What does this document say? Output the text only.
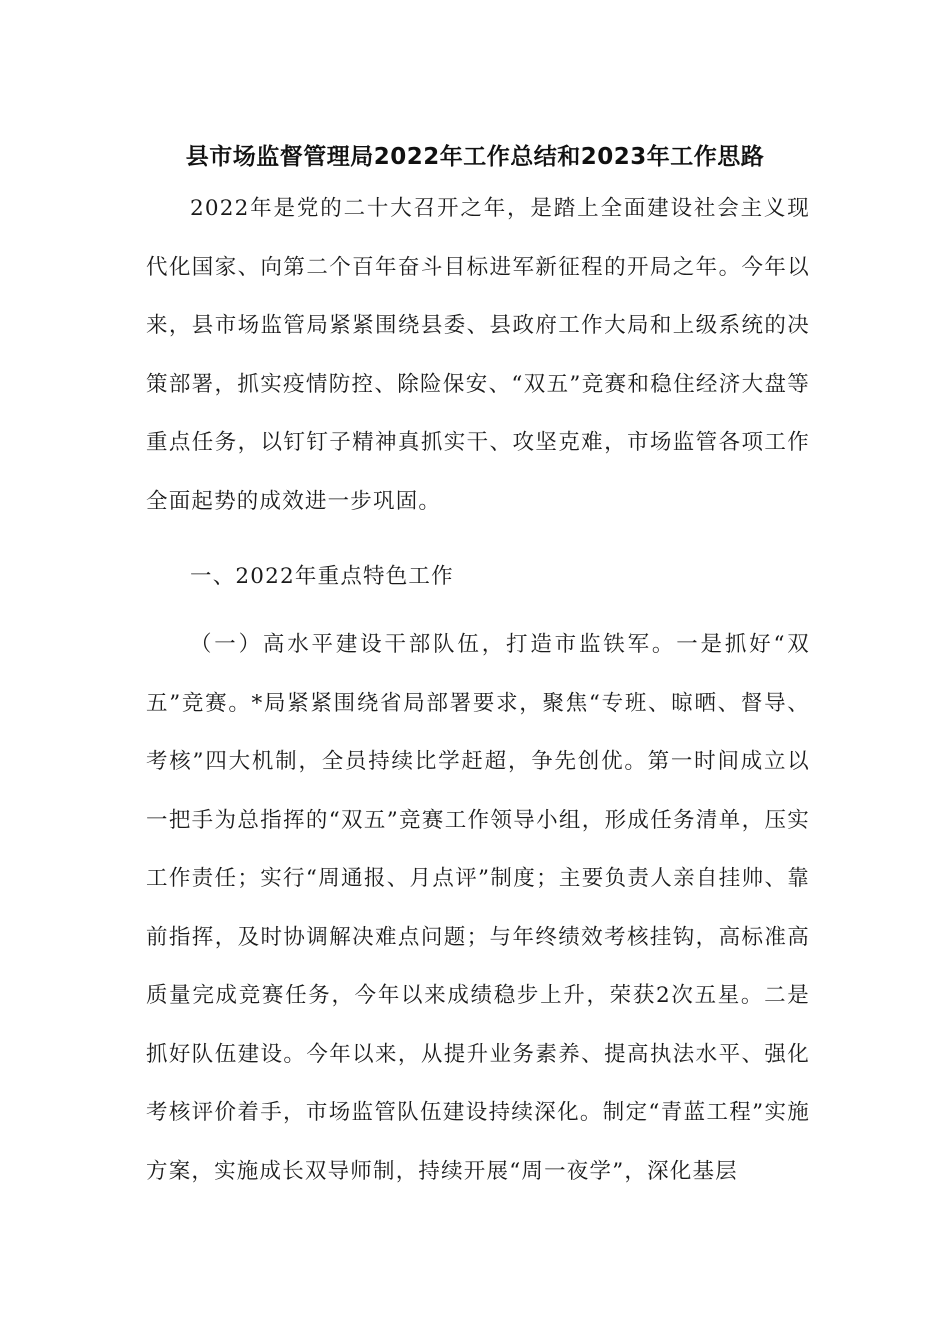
县市场监督管理局2022年工作总结和2023年工作思路
2022年是党的二十大召开之年，是踏上全面建设社会主义现代化国家、向第二个百年奋斗目标进军新征程的开局之年。今年以来，县市场监管局紧紧围绕县委、县政府工作大局和上级系统的决策部署，抓实疫情防控、除险保安、“双五”竞赛和稳住经济大盘等重点任务，以钉钉子精神真抓实干、攻坚克难，市场监管各项工作全面起势的成效进一步巩固。
一、2022年重点特色工作
（一）高水平建设干部队伍，打造市监铁军。一是抓好“双五”竞赛。*局紧紧围绕省局部署要求，聚焦“专班、晾晒、督导、考核”四大机制，全员持续比学赶超，争先创优。第一时间成立以一把手为总指挥的“双五”竞赛工作领导小组，形成任务清单，压实工作责任；实行“周通报、月点评”制度；主要负责人亲自挂帅、靠前指挥，及时协调解决难点问题；与年终绩效考核挂钩，高标准高质量完成竞赛任务，今年以来成绩稳步上升，荣获2次五星。二是抓好队伍建设。今年以来，从提升业务素养、提高执法水平、强化考核评价着手，市场监管队伍建设持续深化。制定“青蓝工程”实施方案，实施成长双导师制，持续开展“周一夜学”，深化基层
